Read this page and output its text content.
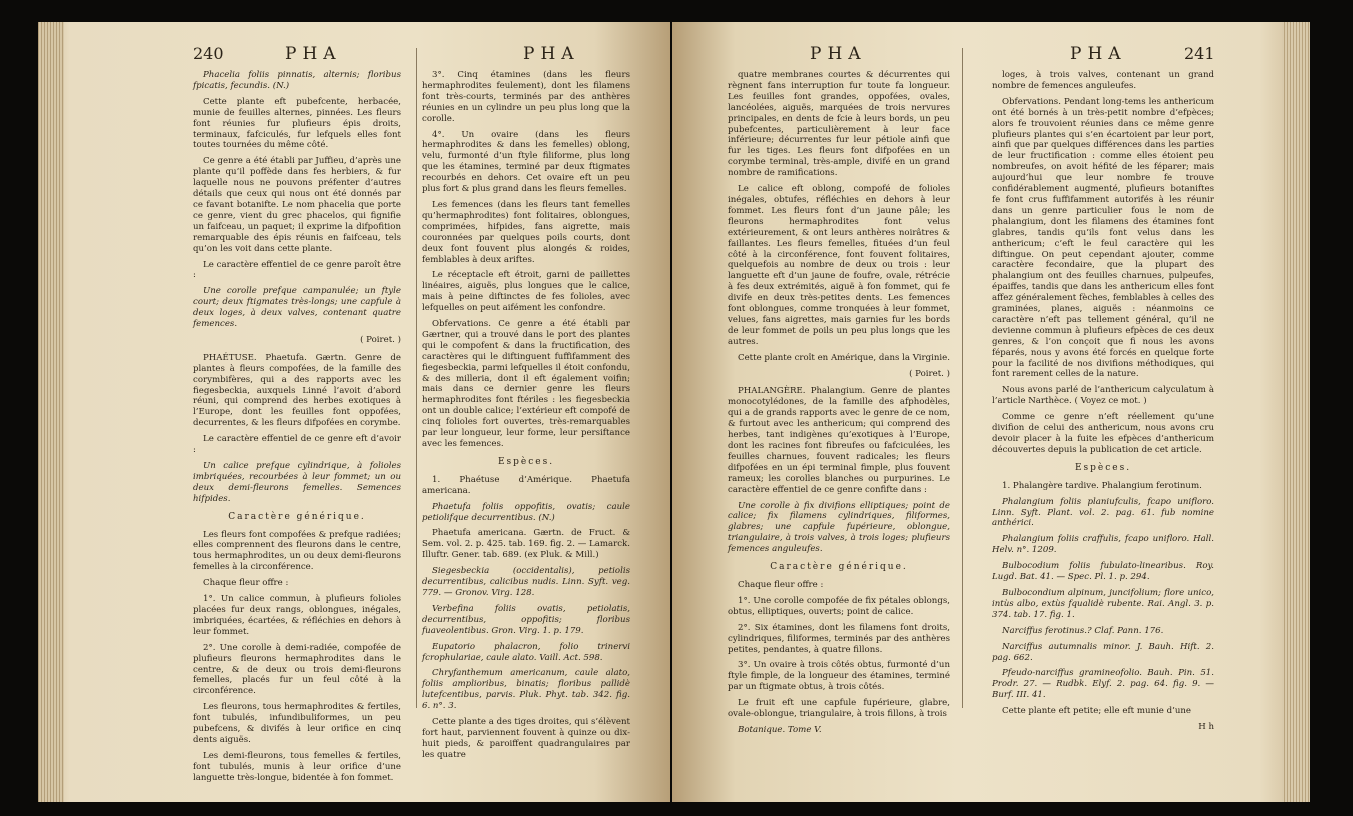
240	PHA	PHA

Phacelia foliis pinnatis, alternis; floribus fpicatis, fecundis. (N.)

Cette plante eft pubefcente, herbacée, munie de feuilles alternes, pinnées. Les fleurs font réunies fur plufieurs épis droits, terminaux, fafciculés, fur lefquels elles font toutes tournées du même côté.

Ce genre a été établi par Juffieu, d’après une plante qu’il poffède dans fes herbiers, & fur laquelle nous ne pouvons préfenter d’autres détails que ceux qui nous ont été donnés par ce favant botanifte. Le nom phacelia que porte ce genre, vient du grec phacelos, qui fignifie un faifceau, un paquet; il exprime la difpofition remarquable des épis réunis en faifceau, tels qu’on les voit dans cette plante.

Le caractère effentiel de ce genre paroît être :

Une corolle prefque campanulée; un ftyle court; deux ftigmates très-longs; une capfule à deux loges, à deux valves, contenant quatre femences.

( Poiret. )

PHAÉTUSE. Phaetufa. Gærtn. Genre de plantes à fleurs compofées, de la famille des corymbifères, qui a des rapports avec les fiegesbeckia, auxquels Linné l’avoit d’abord réuni, qui comprend des herbes exotiques à l’Europe, dont les feuilles font oppofées, decurrentes, & les fleurs difpofées en corymbe.

Le caractère effentiel de ce genre eft d’avoir :

Un calice prefque cylindrique, à folioles imbriquées, recourbées à leur fommet; un ou deux demi-fleurons femelles. Semences hifpides.

Caractère générique.

Les fleurs font compofées & prefque radiées; elles comprennent des fleurons dans le centre, tous hermaphrodites, un ou deux demi-fleurons femelles à la circonférence.

Chaque fleur offre :

1°. Un calice commun, à plufieurs folioles placées fur deux rangs, oblongues, inégales, imbriquées, écartées, & réfléchies en dehors à leur fommet.

2°. Une corolle à demi-radiée, compofée de plufieurs fleurons hermaphrodites dans le centre, & de deux ou trois demi-fleurons femelles, placés fur un feul côté à la circonférence.

Les fleurons, tous hermaphrodites & fertiles, font tubulés, infundibuliformes, un peu pubefcens, & divifés à leur orifice en cinq dents aiguës.

Les demi-fleurons, tous femelles & fertiles, font tubulés, munis à leur orifice d’une languette très-longue, bidentée à fon fommet.

3°. Cinq étamines (dans les fleurs hermaphrodites feulement), dont les filamens font très-courts, terminés par des anthères réunies en un cylindre un peu plus long que la corolle.

4°. Un ovaire (dans les fleurs hermaphrodites & dans les femelles) oblong, velu, furmonté d’un ftyle filiforme, plus long que les étamines, terminé par deux ftigmates recourbés en dehors. Cet ovaire eft un peu plus fort & plus grand dans les fleurs femelles.

Les femences (dans les fleurs tant femelles qu’hermaphrodites) font folitaires, oblongues, comprimées, hifpides, fans aigrette, mais couronnées par quelques poils courts, dont deux font fouvent plus alongés & roides, femblables à deux ariftes.

Le réceptacle eft étroit, garni de paillettes linéaires, aiguës, plus longues que le calice, mais à peine diftinctes de fes folioles, avec lefquelles on peut aifément les confondre.

Obfervations. Ce genre a été établi par Gærtner, qui a trouvé dans le port des plantes qui le compofent & dans la fructification, des caractères qui le diftinguent fuffifamment des fiegesbeckia, parmi lefquelles il étoit confondu, & des milleria, dont il eft également voifin; mais dans ce dernier genre les fleurs hermaphrodites font ftériles : les fiegesbeckia ont un double calice; l’extérieur eft compofé de cinq folioles fort ouvertes, très-remarquables par leur longueur, leur forme, leur persiftance avec les femences.

Espèces.

1. Phaétuse d’Amérique. Phaetufa americana.

Phaetufa foliis oppofitis, ovatis; caule petiolifque decurrentibus. (N.)

Phaetufa americana. Gærtn. de Fruct. & Sem. vol. 2. p. 425. tab. 169. fig. 2. — Lamarck. Illuftr. Gener. tab. 689. (ex Pluk. & Mill.)

Siegesbeckia (occidentalis), petiolis decurrentibus, calicibus nudis. Linn. Syft. veg. 779. — Gronov. Virg. 128.

Verbefina foliis ovatis, petiolatis, decurrentibus, oppofitis; floribus fuaveolentibus. Gron. Virg. 1. p. 179.

Eupatorio phalacron, folio trinervi fcrophulariae, caule alato. Vaill. Act. 598.

Chryfanthemum americanum, caule alato, foliis amplioribus, binatis; floribus pallidè lutefcentibus, parvis. Pluk. Phyt. tab. 342. fig. 6. n°. 3.

Cette plante a des tiges droites, qui s’élèvent fort haut, parviennent fouvent à quinze ou dix-huit pieds, & paroiffent quadrangulaires par les quatre

PHA	PHA	241

quatre membranes courtes & décurrentes qui règnent fans interruption fur toute fa longueur. Les feuilles font grandes, oppofées, ovales, lancéolées, aiguës, marquées de trois nervures principales, en dents de fcie à leurs bords, un peu pubefcentes, particulièrement à leur face inférieure; décurrentes fur leur pétiole ainfi que fur les tiges. Les fleurs font difpofées en un corymbe terminal, très-ample, divifé en un grand nombre de ramifications.

Le calice eft oblong, compofé de folioles inégales, obtufes, réfléchies en dehors à leur fommet. Les fleurs font d’un jaune pâle; les fleurons hermaphrodites font velus extérieurement, & ont leurs anthères noirâtres & faillantes. Les fleurs femelles, fituées d’un feul côté à la circonférence, font fouvent folitaires, quelquefois au nombre de deux ou trois : leur languette eft d’un jaune de foufre, ovale, rétrécie à fes deux extrémités, aiguë à fon fommet, qui fe divife en deux très-petites dents. Les femences font oblongues, comme tronquées à leur fommet, velues, fans aigrettes, mais garnies fur les bords de leur fommet de poils un peu plus longs que les autres.

Cette plante croît en Amérique, dans la Virginie.

( Poiret. )

PHALANGÈRE. Phalangium. Genre de plantes monocotylédones, de la famille des afphodèles, qui a de grands rapports avec le genre de ce nom, & furtout avec les anthericum; qui comprend des herbes, tant indigènes qu’exotiques à l’Europe, dont les racines font fibreufes ou fafciculées, les feuilles charnues, fouvent radicales; les fleurs difpofées en un épi terminal fimple, plus fouvent rameux; les corolles blanches ou purpurines. Le caractère effentiel de ce genre confifte dans :

Une corolle à fix divifions elliptiques; point de calice; fix filamens cylindriques, filiformes, glabres; une capfule fupérieure, oblongue, triangulaire, à trois valves, à trois loges; plufieurs femences anguleufes.

Caractère générique.

Chaque fleur offre :

1°. Une corolle compofée de fix pétales oblongs, obtus, elliptiques, ouverts; point de calice.

2°. Six étamines, dont les filamens font droits, cylindriques, filiformes, terminés par des anthères petites, pendantes, à quatre fillons.

3°. Un ovaire à trois côtés obtus, furmonté d’un ftyle fimple, de la longueur des étamines, terminé par un ftigmate obtus, à trois côtés.

Le fruit eft une capfule fupérieure, glabre, ovale-oblongue, triangulaire, à trois fillons, à trois

Botanique. Tome V.

loges, à trois valves, contenant un grand nombre de femences anguleufes.

Obfervations. Pendant long-tems les anthericum ont été bornés à un très-petit nombre d’efpèces; alors fe trouvoient réunies dans ce même genre plufieurs plantes qui s’en écartoient par leur port, ainfi que par quelques différences dans les parties de leur fructification : comme elles étoient peu nombreufes, on avoit héfité de les féparer; mais aujourd’hui que leur nombre fe trouve confidérablement augmenté, plufieurs botaniftes fe font crus fuffifamment autorifés à les réunir dans un genre particulier fous le nom de phalangium, dont les filamens des étamines font glabres, tandis qu’ils font velus dans les anthericum; c’eft le feul caractère qui les diftingue. On peut cependant ajouter, comme caractère fecondaire, que la plupart des phalangium ont des feuilles charnues, pulpeufes, épaiffes, tandis que dans les anthericum elles font affez généralement fèches, femblables à celles des graminées, planes, aiguës : néanmoins ce caractère n’eft pas tellement général, qu’il ne devienne commun à plufieurs efpèces de ces deux genres, & l’on conçoit que fi nous les avons féparés, nous y avons été forcés en quelque forte pour la facilité de nos divifions méthodiques, qui font rarement celles de la nature.

Nous avons parlé de l’anthericum calyculatum à l’article Narthèce. ( Voyez ce mot. )

Comme ce genre n’eft réellement qu’une divifion de celui des anthericum, nous avons cru devoir placer à la fuite les efpèces d’anthericum découvertes depuis la publication de cet article.

Espèces.

1. Phalangère tardive. Phalangium ferotinum.

Phalangium foliis planiufculis, fcapo unifloro. Linn. Syft. Plant. vol. 2. pag. 61. fub nomine anthérici.

Phalangium foliis craffulis, fcapo unifloro. Hall. Helv. n°. 1209.

Bulbocodium foliis fubulato-linearibus. Roy. Lugd. Bat. 41. — Spec. Pl. 1. p. 294.

Bulbocondium alpinum, juncifolium; flore unico, intùs albo, extùs fqualidè rubente. Rai. Angl. 3. p. 374. tab. 17. fig. 1.

Narciffus ferotinus.? Claf. Pann. 176.

Narciffus autumnalis minor. J. Bauh. Hift. 2. pag. 662.

Pfeudo-narciffus gramineofolio. Bauh. Pin. 51. Prodr. 27. — Rudbk. Elyf. 2. pag. 64. fig. 9. — Burf. III. 41.

Cette plante eft petite; elle eft munie d’une

H h
